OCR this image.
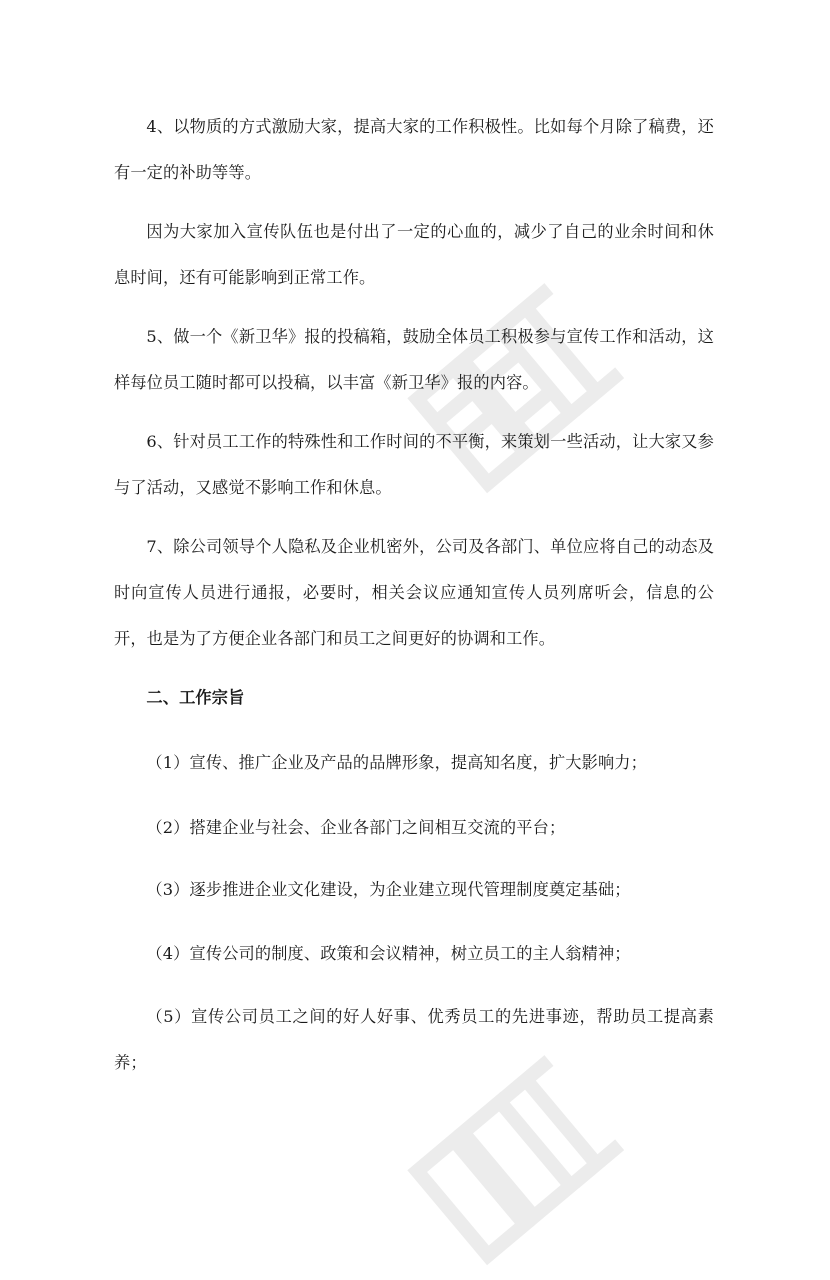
4、以物质的方式激励大家，提高大家的工作积极性。比如每个月除了稿费，还有一定的补助等等。

因为大家加入宣传队伍也是付出了一定的心血的，减少了自己的业余时间和休息时间，还有可能影响到正常工作。

5、做一个《新卫华》报的投稿箱，鼓励全体员工积极参与宣传工作和活动，这样每位员工随时都可以投稿，以丰富《新卫华》报的内容。

6、针对员工工作的特殊性和工作时间的不平衡，来策划一些活动，让大家又参与了活动，又感觉不影响工作和休息。

7、除公司领导个人隐私及企业机密外，公司及各部门、单位应将自己的动态及时向宣传人员进行通报，必要时，相关会议应通知宣传人员列席听会，信息的公开，也是为了方便企业各部门和员工之间更好的协调和工作。

二、工作宗旨

（1）宣传、推广企业及产品的品牌形象，提高知名度，扩大影响力；

（2）搭建企业与社会、企业各部门之间相互交流的平台；

（3）逐步推进企业文化建设，为企业建立现代管理制度奠定基础；

（4）宣传公司的制度、政策和会议精神，树立员工的主人翁精神；

（5）宣传公司员工之间的好人好事、优秀员工的先进事迹，帮助员工提高素养；
